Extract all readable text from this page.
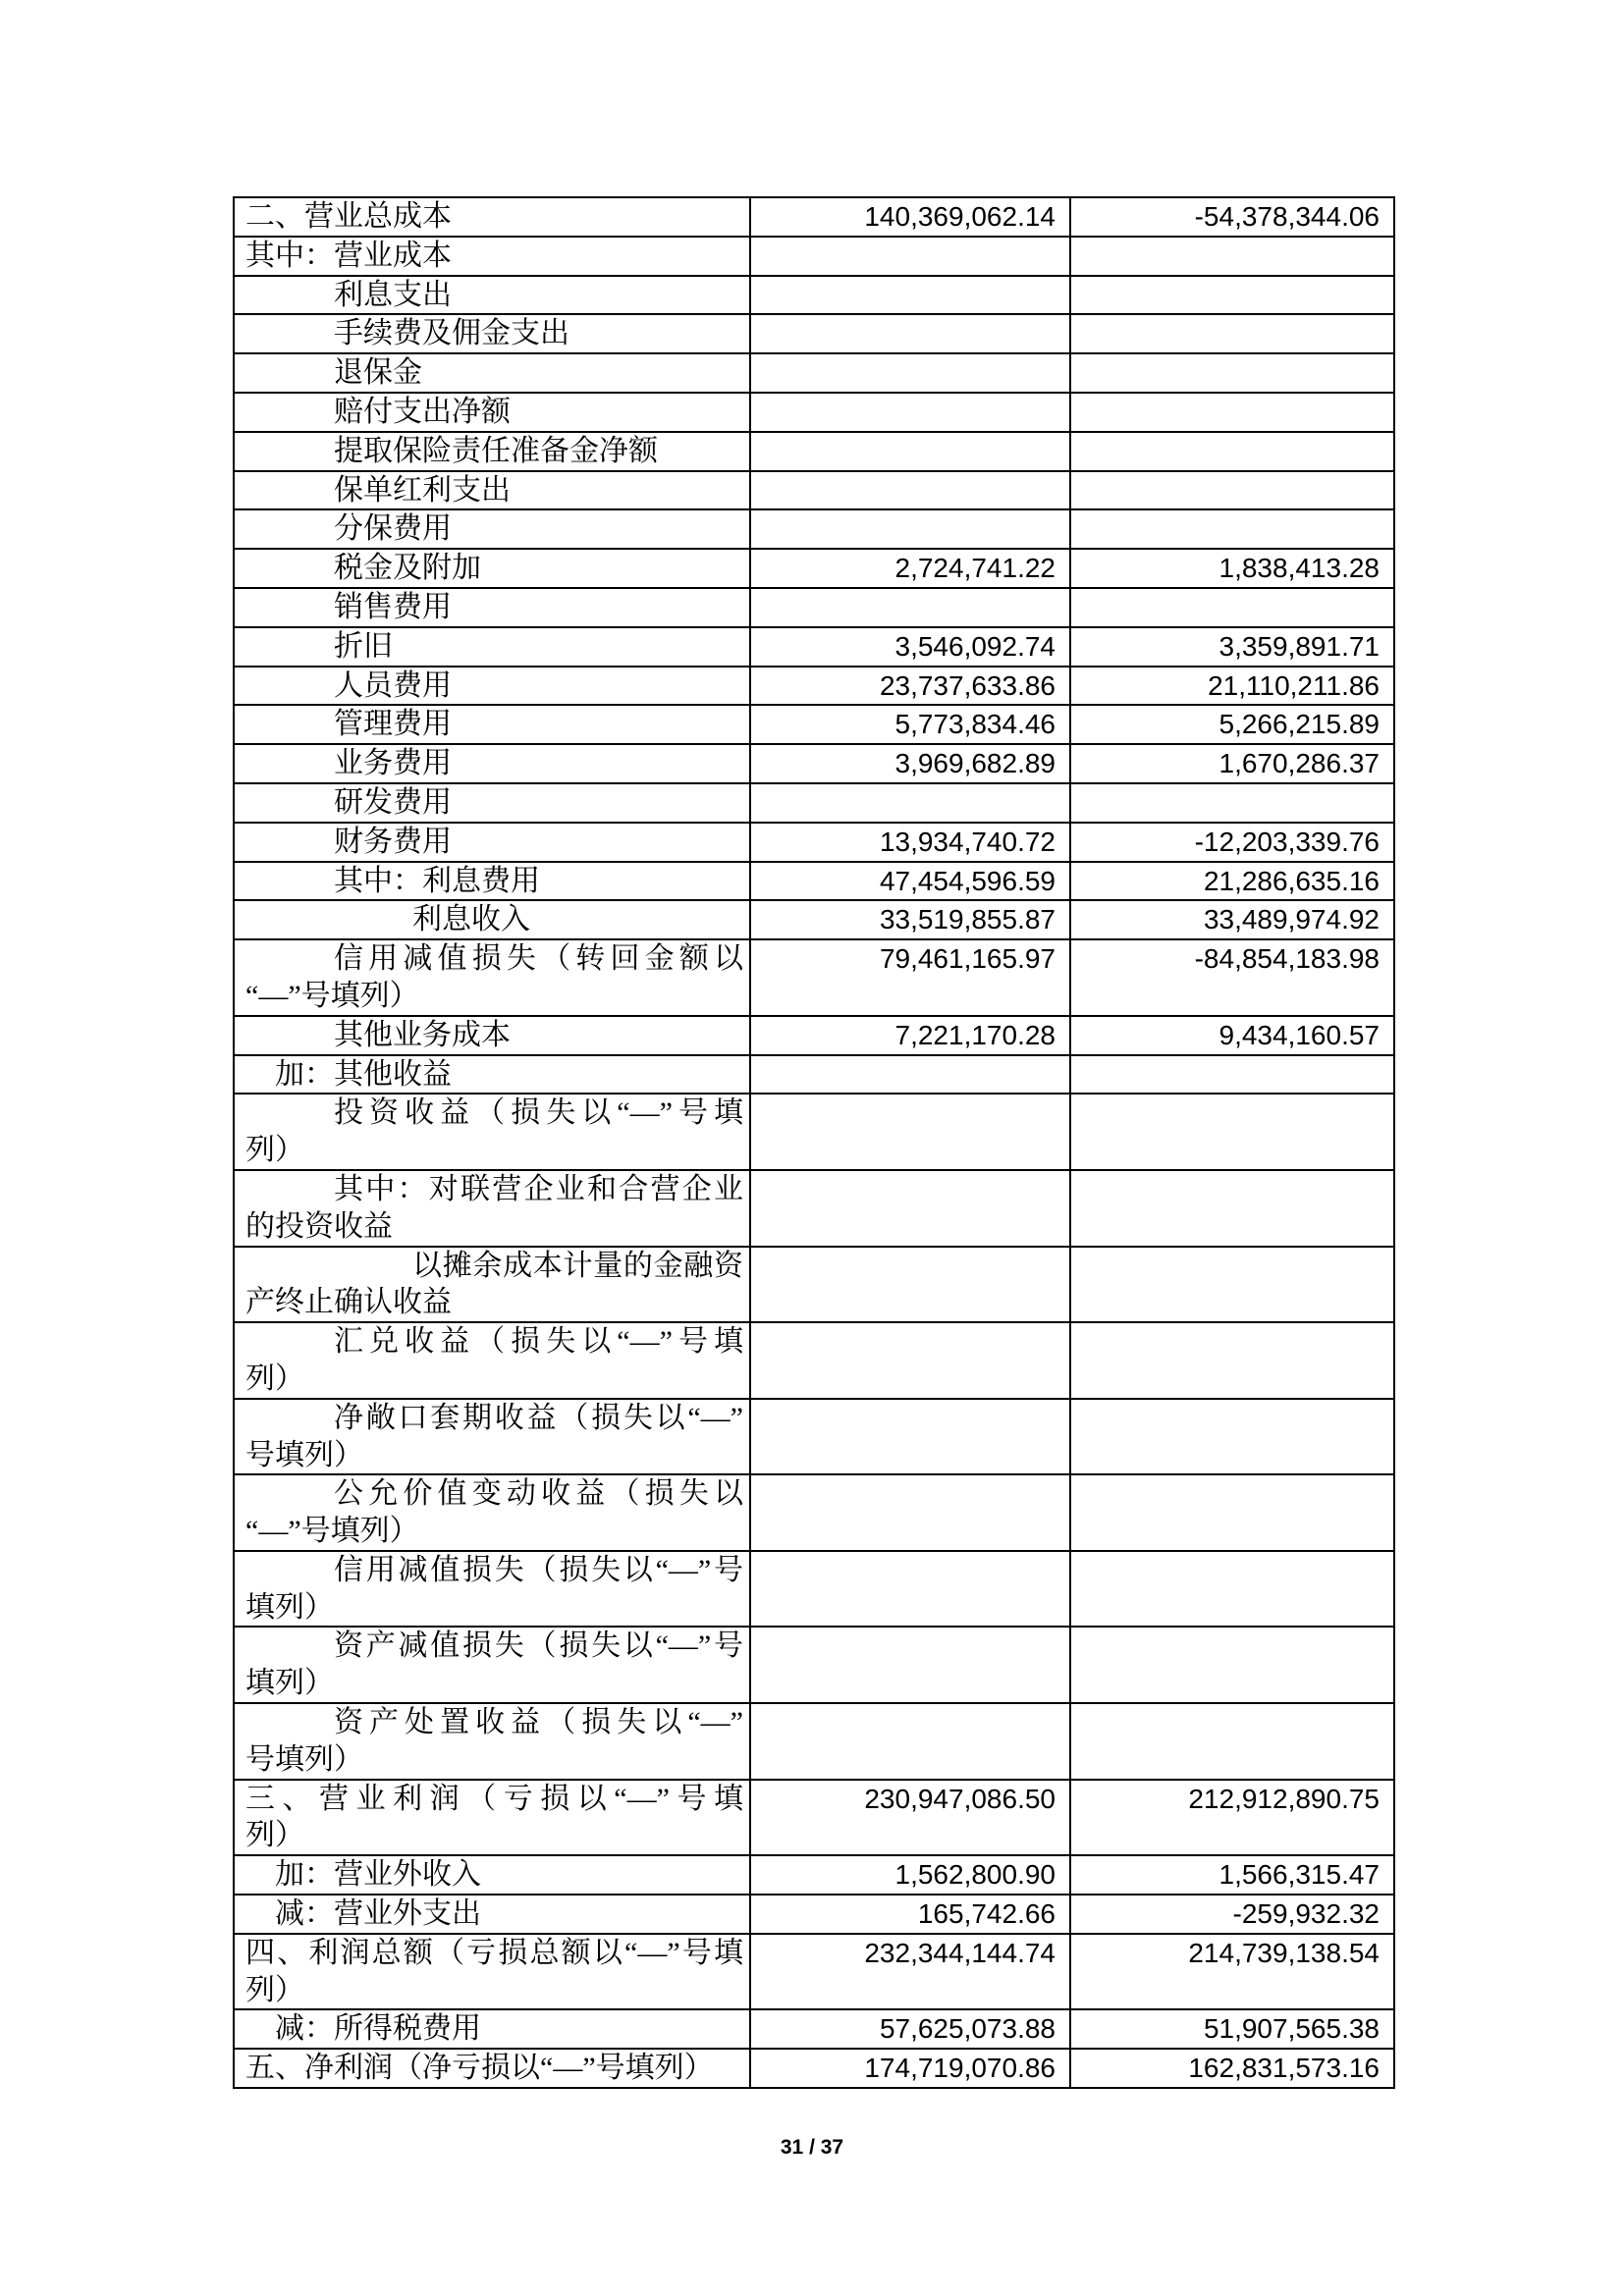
二、营业总成本	140,369,062.14	-54,378,344.06

其中：营业成本		

利息支出		

手续费及佣金支出		

退保金		

赔付支出净额		

提取保险责任准备金净额		

保单红利支出		

分保费用		

税金及附加	2,724,741.22	1,838,413.28

销售费用		

折旧	3,546,092.74	3,359,891.71

人员费用	23,737,633.86	21,110,211.86

管理费用	5,773,834.46	5,266,215.89

业务费用	3,969,682.89	1,670,286.37

研发费用		

财务费用	13,934,740.72	-12,203,339.76

其中：利息费用	47,454,596.59	21,286,635.16

利息收入	33,519,855.87	33,489,974.92

信用减值损失（转回金额以
“—”号填列）	79,461,165.97	-84,854,183.98

其他业务成本	7,221,170.28	9,434,160.57

加：其他收益		

投资收益（损失以“—”号填
列）		

其中：对联营企业和合营企业
的投资收益		

以摊余成本计量的金融资
产终止确认收益		

汇兑收益（损失以“—”号填
列）		

净敞口套期收益（损失以“—”
号填列）		

公允价值变动收益（损失以
“—”号填列）		

信用减值损失（损失以“—”号
填列）		

资产减值损失（损失以“—”号
填列）		

资产处置收益（损失以“—”
号填列）		

三、营业利润（亏损以“—”号填
列）	230,947,086.50	212,912,890.75

加：营业外收入	1,562,800.90	1,566,315.47

减：营业外支出	165,742.66	-259,932.32

四、利润总额（亏损总额以“—”号填
列）	232,344,144.74	214,739,138.54

减：所得税费用	57,625,073.88	51,907,565.38

五、净利润（净亏损以“—”号填列）	174,719,070.86	162,831,573.16
31 / 37
